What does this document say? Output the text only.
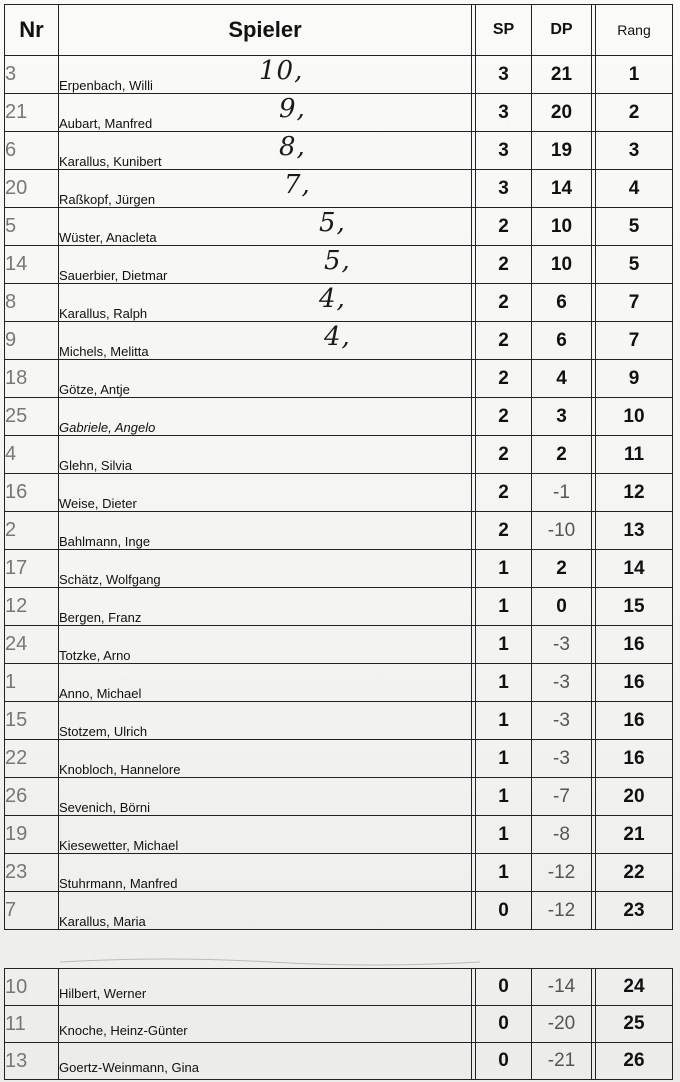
Nr	Spieler		SP	DP		Rang
3	Erpenbach, Willi 10,		3	21		1
21	Aubart, Manfred 9,		3	20		2
6	Karallus, Kunibert 8,		3	19		3
20	Raßkopf, Jürgen 7,		3	14		4
5	Wüster, Anacleta 5,		2	10		5
14	Sauerbier, Dietmar 5,		2	10		5
8	Karallus, Ralph 4,		2	6		7
9	Michels, Melitta 4,		2	6		7
18	Götze, Antje		2	4		9
25	Gabriele, Angelo		2	3		10
4	Glehn, Silvia		2	2		11
16	Weise, Dieter		2	-1		12
2	Bahlmann, Inge		2	-10		13
17	Schätz, Wolfgang		1	2		14
12	Bergen, Franz		1	0		15
24	Totzke, Arno		1	-3		16
1	Anno, Michael		1	-3		16
15	Stotzem, Ulrich		1	-3		16
22	Knobloch, Hannelore		1	-3		16
26	Sevenich, Börni		1	-7		20
19	Kiesewetter, Michael		1	-8		21
23	Stuhrmann, Manfred		1	-12		22
7	Karallus, Maria		0	-12		23
10	Hilbert, Werner		0	-14		24
11	Knoche, Heinz-Günter		0	-20		25
13	Goertz-Weinmann, Gina		0	-21		26
